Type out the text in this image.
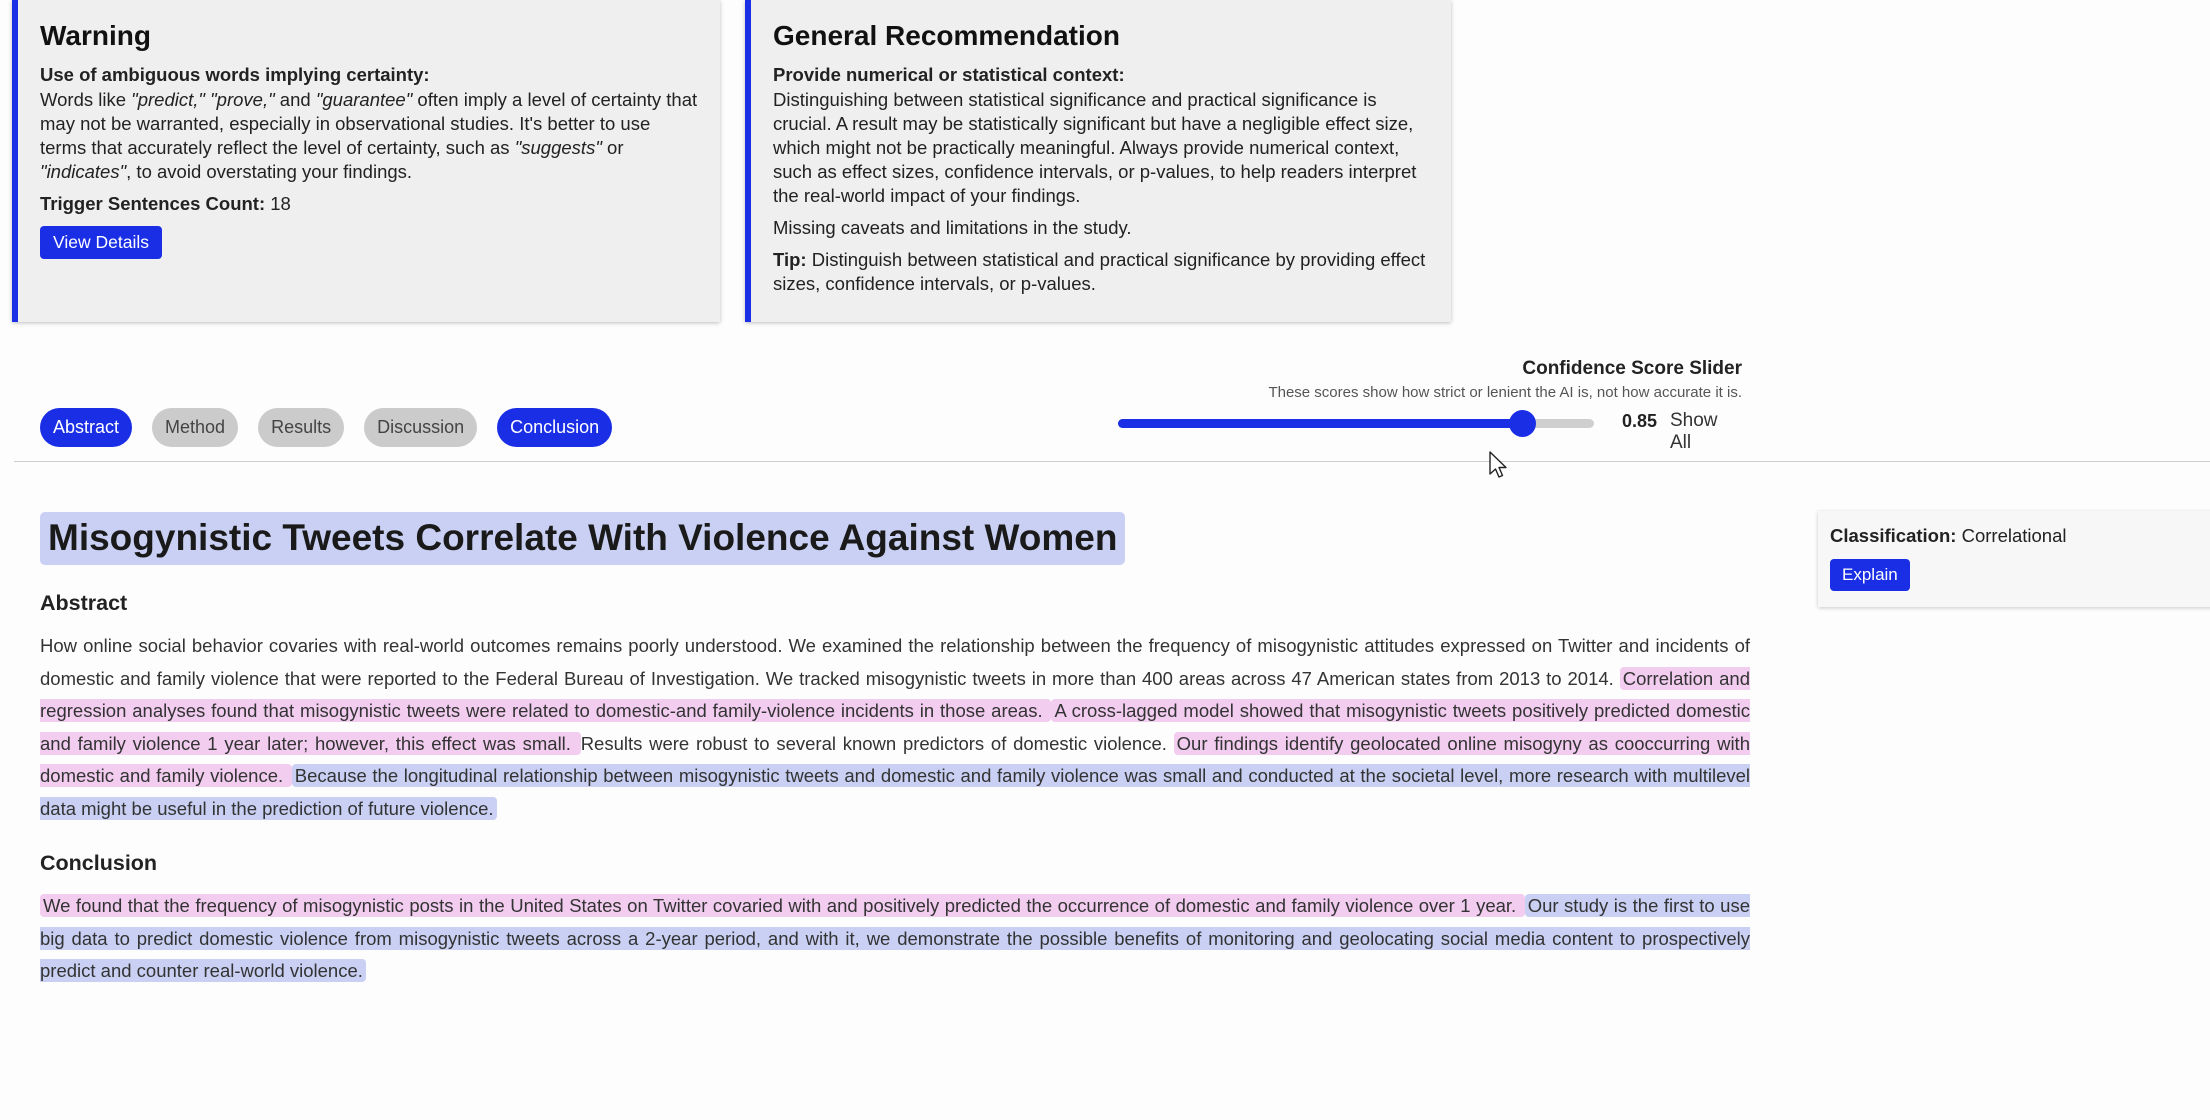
Warning
Use of ambiguous words implying certainty:

Words like "predict," "prove," and "guarantee" often imply a level of certainty that may not be warranted, especially in observational studies. It's better to use terms that accurately reflect the level of certainty, such as "suggests" or "indicates", to avoid overstating your findings.

Trigger Sentences Count: 18
View Details
General Recommendation
Provide numerical or statistical context:

Distinguishing between statistical significance and practical significance is crucial. A result may be statistically significant but have a negligible effect size, which might not be practically meaningful. Always provide numerical context, such as effect sizes, confidence intervals, or p-values, to help readers interpret the real-world impact of your findings.

Missing caveats and limitations in the study.

Tip: Distinguish between statistical and practical significance by providing effect sizes, confidence intervals, or p-values.

Abstract	Method	Results	Discussion	Conclusion
Confidence Score Slider
These scores show how strict or lenient the AI is, not how accurate it is.
0.85 Show All
Misogynistic Tweets Correlate With Violence Against Women
Abstract

How online social behavior covaries with real-world outcomes remains poorly understood. We examined the relationship between the frequency of misogynistic attitudes expressed on Twitter and incidents of domestic and family violence that were reported to the Federal Bureau of Investigation. We tracked misogynistic tweets in more than 400 areas across 47 American states from 2013 to 2014. Correlation and regression analyses found that misogynistic tweets were related to domestic-and family-violence incidents in those areas. A cross-lagged model showed that misogynistic tweets positively predicted domestic and family violence 1 year later; however, this effect was small. Results were robust to several known predictors of domestic violence. Our findings identify geolocated online misogyny as cooccurring with domestic and family violence. Because the longitudinal relationship between misogynistic tweets and domestic and family violence was small and conducted at the societal level, more research with multilevel data might be useful in the prediction of future violence.

Conclusion

We found that the frequency of misogynistic posts in the United States on Twitter covaried with and positively predicted the occurrence of domestic and family violence over 1 year. Our study is the first to use big data to predict domestic violence from misogynistic tweets across a 2-year period, and with it, we demonstrate the possible benefits of monitoring and geolocating social media content to prospectively predict and counter real-world violence.

Classification: Correlational
Explain
